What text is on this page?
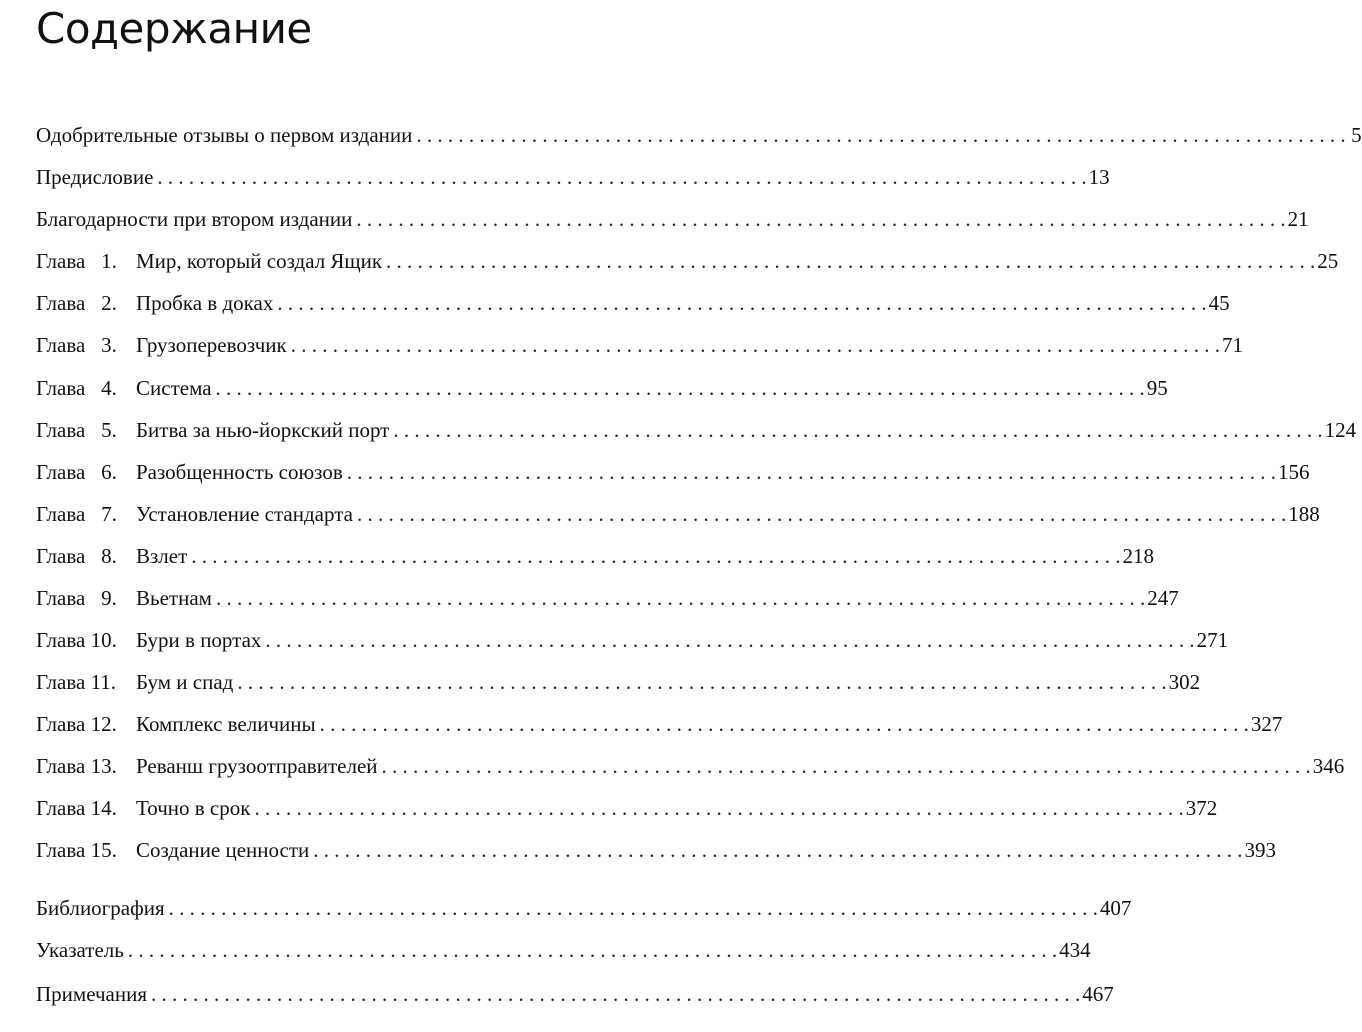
Содержание
Одобрительные отзывы о первом издании . . . . . . . . . . . . . . . . . . . . . . . . . . . . . . . . . . . . . . . . . . . . . . . . . . . . . . . . . . . . . . . . . . . . . . . . . . . . . . . . . . . . . . . . . 5
Предисловие . . . . . . . . . . . . . . . . . . . . . . . . . . . . . . . . . . . . . . . . . . . . . . . . . . . . . . . . . . . . . . . . . . . . . . . . . . . . . . . . . . . . . . . . . 13
Благодарности при втором издании . . . . . . . . . . . . . . . . . . . . . . . . . . . . . . . . . . . . . . . . . . . . . . . . . . . . . . . . . . . . . . . . . . . . . . . . . . . . . . . . . . . . . . . . . 21
Глава   1. Мир, который создал Ящик . . . . . . . . . . . . . . . . . . . . . . . . . . . . . . . . . . . . . . . . . . . . . . . . . . . . . . . . . . . . . . . . . . . . . . . . . . . . . . . . . . . . . . . . . 25
Глава   2. Пробка в доках . . . . . . . . . . . . . . . . . . . . . . . . . . . . . . . . . . . . . . . . . . . . . . . . . . . . . . . . . . . . . . . . . . . . . . . . . . . . . . . . . . . . . . . . . 45
Глава   3. Грузоперевозчик . . . . . . . . . . . . . . . . . . . . . . . . . . . . . . . . . . . . . . . . . . . . . . . . . . . . . . . . . . . . . . . . . . . . . . . . . . . . . . . . . . . . . . . . . 71
Глава   4. Система . . . . . . . . . . . . . . . . . . . . . . . . . . . . . . . . . . . . . . . . . . . . . . . . . . . . . . . . . . . . . . . . . . . . . . . . . . . . . . . . . . . . . . . . . 95
Глава   5. Битва за нью-йоркский порт . . . . . . . . . . . . . . . . . . . . . . . . . . . . . . . . . . . . . . . . . . . . . . . . . . . . . . . . . . . . . . . . . . . . . . . . . . . . . . . . . . . . . . . . . 124
Глава   6. Разобщенность союзов . . . . . . . . . . . . . . . . . . . . . . . . . . . . . . . . . . . . . . . . . . . . . . . . . . . . . . . . . . . . . . . . . . . . . . . . . . . . . . . . . . . . . . . . . 156
Глава   7. Установление стандарта . . . . . . . . . . . . . . . . . . . . . . . . . . . . . . . . . . . . . . . . . . . . . . . . . . . . . . . . . . . . . . . . . . . . . . . . . . . . . . . . . . . . . . . . . 188
Глава   8. Взлет . . . . . . . . . . . . . . . . . . . . . . . . . . . . . . . . . . . . . . . . . . . . . . . . . . . . . . . . . . . . . . . . . . . . . . . . . . . . . . . . . . . . . . . . . 218
Глава   9. Вьетнам . . . . . . . . . . . . . . . . . . . . . . . . . . . . . . . . . . . . . . . . . . . . . . . . . . . . . . . . . . . . . . . . . . . . . . . . . . . . . . . . . . . . . . . . . 247
Глава 10. Бури в портах . . . . . . . . . . . . . . . . . . . . . . . . . . . . . . . . . . . . . . . . . . . . . . . . . . . . . . . . . . . . . . . . . . . . . . . . . . . . . . . . . . . . . . . . . 271
Глава 11. Бум и спад . . . . . . . . . . . . . . . . . . . . . . . . . . . . . . . . . . . . . . . . . . . . . . . . . . . . . . . . . . . . . . . . . . . . . . . . . . . . . . . . . . . . . . . . . 302
Глава 12. Комплекс величины . . . . . . . . . . . . . . . . . . . . . . . . . . . . . . . . . . . . . . . . . . . . . . . . . . . . . . . . . . . . . . . . . . . . . . . . . . . . . . . . . . . . . . . . . 327
Глава 13. Реванш грузоотправителей . . . . . . . . . . . . . . . . . . . . . . . . . . . . . . . . . . . . . . . . . . . . . . . . . . . . . . . . . . . . . . . . . . . . . . . . . . . . . . . . . . . . . . . . . 346
Глава 14. Точно в срок . . . . . . . . . . . . . . . . . . . . . . . . . . . . . . . . . . . . . . . . . . . . . . . . . . . . . . . . . . . . . . . . . . . . . . . . . . . . . . . . . . . . . . . . . 372
Глава 15. Создание ценности . . . . . . . . . . . . . . . . . . . . . . . . . . . . . . . . . . . . . . . . . . . . . . . . . . . . . . . . . . . . . . . . . . . . . . . . . . . . . . . . . . . . . . . . . 393
Библиография . . . . . . . . . . . . . . . . . . . . . . . . . . . . . . . . . . . . . . . . . . . . . . . . . . . . . . . . . . . . . . . . . . . . . . . . . . . . . . . . . . . . . . . . . 407
Указатель . . . . . . . . . . . . . . . . . . . . . . . . . . . . . . . . . . . . . . . . . . . . . . . . . . . . . . . . . . . . . . . . . . . . . . . . . . . . . . . . . . . . . . . . . 434
Примечания . . . . . . . . . . . . . . . . . . . . . . . . . . . . . . . . . . . . . . . . . . . . . . . . . . . . . . . . . . . . . . . . . . . . . . . . . . . . . . . . . . . . . . . . . 467
